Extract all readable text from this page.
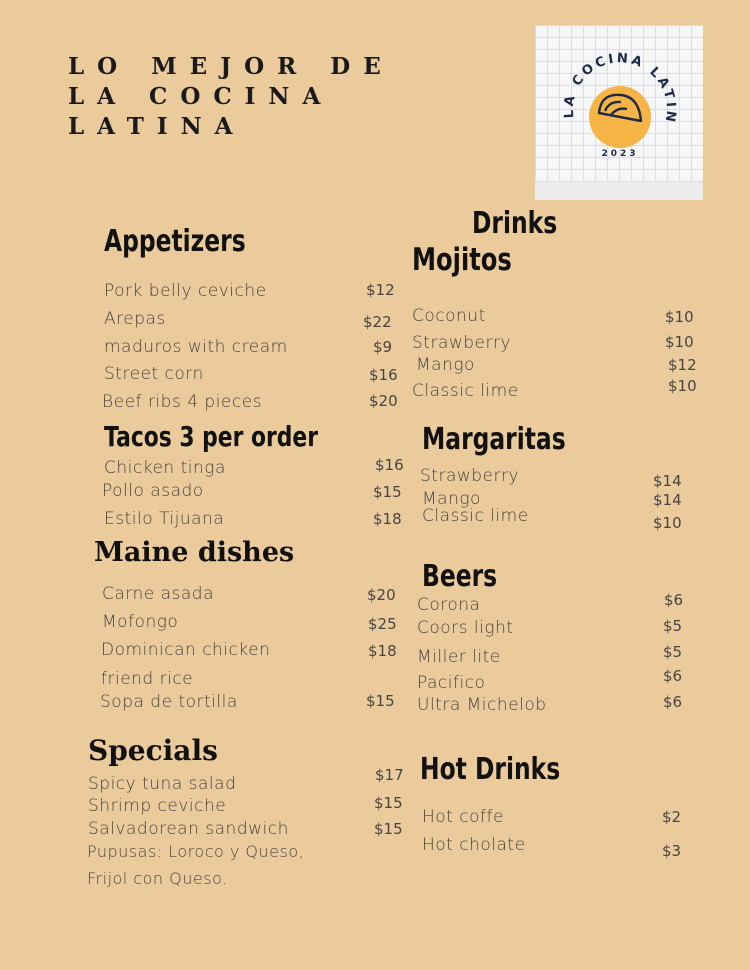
LO MEJOR DE
LA COCINA
LATINA
LA COCINA LATIN
2023
Appetizers
Pork belly ceviche	$12
Arepas	$22
maduros with cream	$9
Street corn	$16
Beef ribs 4 pieces	$20
Tacos 3 per order
Chicken tinga	$16
Pollo asado	$15
Estilo Tijuana	$18
Maine dishes
Carne asada	$20
Mofongo	$25
Dominican chicken	$18
friend rice
Sopa de tortilla	$15
Specials
Spicy tuna salad	$17
Shrimp ceviche	$15
Salvadorean sandwich	$15
Pupusas: Loroco y Queso,
Frijol con Queso.
Drinks
Mojitos
Coconut	$10
Strawberry	$10
Mango	$12
Classic lime	$10
Margaritas
Strawberry	$14
Mango	$14
Classic lime	$10
Beers
Corona	$6
Coors light	$5
Miller lite	$5
Pacifico	$6
Ultra Michelob	$6
Hot Drinks
Hot coffe	$2
Hot cholate	$3
